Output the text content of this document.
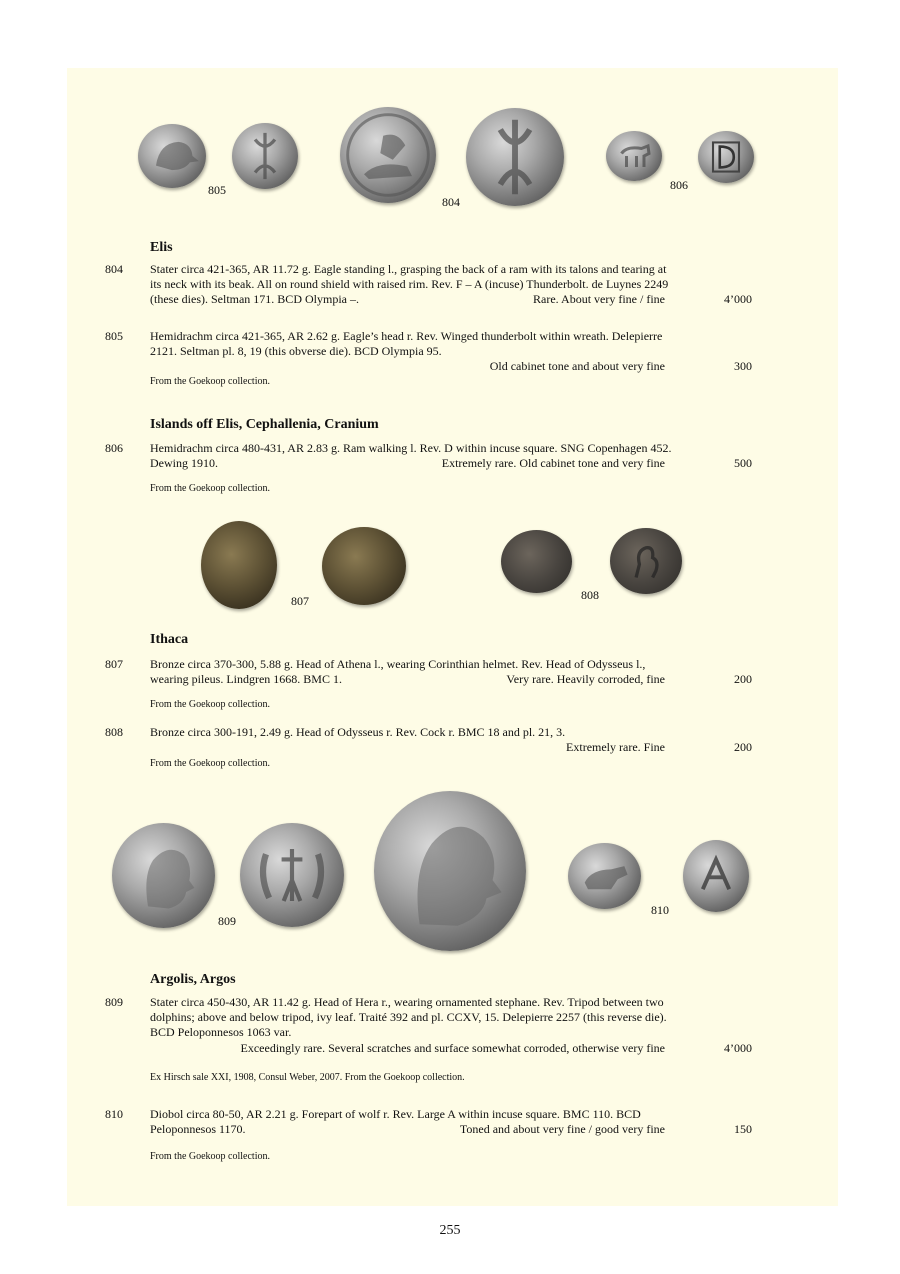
805
804
806
Elis
804 Stater circa 421-365, AR 11.72 g. Eagle standing l., grasping the back of a ram with its talons and tearing at
its neck with its beak. All on round shield with raised rim. Rev. F – A (incuse) Thunderbolt. de Luynes 2249
(these dies). Seltman 171. BCD Olympia –.	Rare. About very fine / fine	4’000
805 Hemidrachm circa 421-365, AR 2.62 g. Eagle’s head r. Rev. Winged thunderbolt within wreath. Delepierre
2121. Seltman pl. 8, 19 (this obverse die). BCD Olympia 95.
Old cabinet tone and about very fine	300
From the Goekoop collection.
Islands off Elis, Cephallenia, Cranium
806 Hemidrachm circa 480-431, AR 2.83 g. Ram walking l. Rev. D within incuse square. SNG Copenhagen 452.
Dewing 1910.	Extremely rare. Old cabinet tone and very fine	500
From the Goekoop collection.
807	808
Ithaca
807 Bronze circa 370-300, 5.88 g. Head of Athena l., wearing Corinthian helmet. Rev. Head of Odysseus l.,
wearing pileus. Lindgren 1668. BMC 1.	Very rare. Heavily corroded, fine	200
From the Goekoop collection.
808 Bronze circa 300-191, 2.49 g. Head of Odysseus r. Rev. Cock r. BMC 18 and pl. 21, 3.
Extremely rare. Fine	200
From the Goekoop collection.
809
810
Argolis, Argos
809 Stater circa 450-430, AR 11.42 g. Head of Hera r., wearing ornamented stephane. Rev. Tripod between two
dolphins; above and below tripod, ivy leaf. Traité 392 and pl. CCXV, 15. Delepierre 2257 (this reverse die).
BCD Peloponnesos 1063 var.
Exceedingly rare. Several scratches and surface somewhat corroded, otherwise very fine	4’000
Ex Hirsch sale XXI, 1908, Consul Weber, 2007. From the Goekoop collection.
810 Diobol circa 80-50, AR 2.21 g. Forepart of wolf r. Rev. Large A within incuse square. BMC 110. BCD
Peloponnesos 1170.	Toned and about very fine / good very fine	150
From the Goekoop collection.
255
